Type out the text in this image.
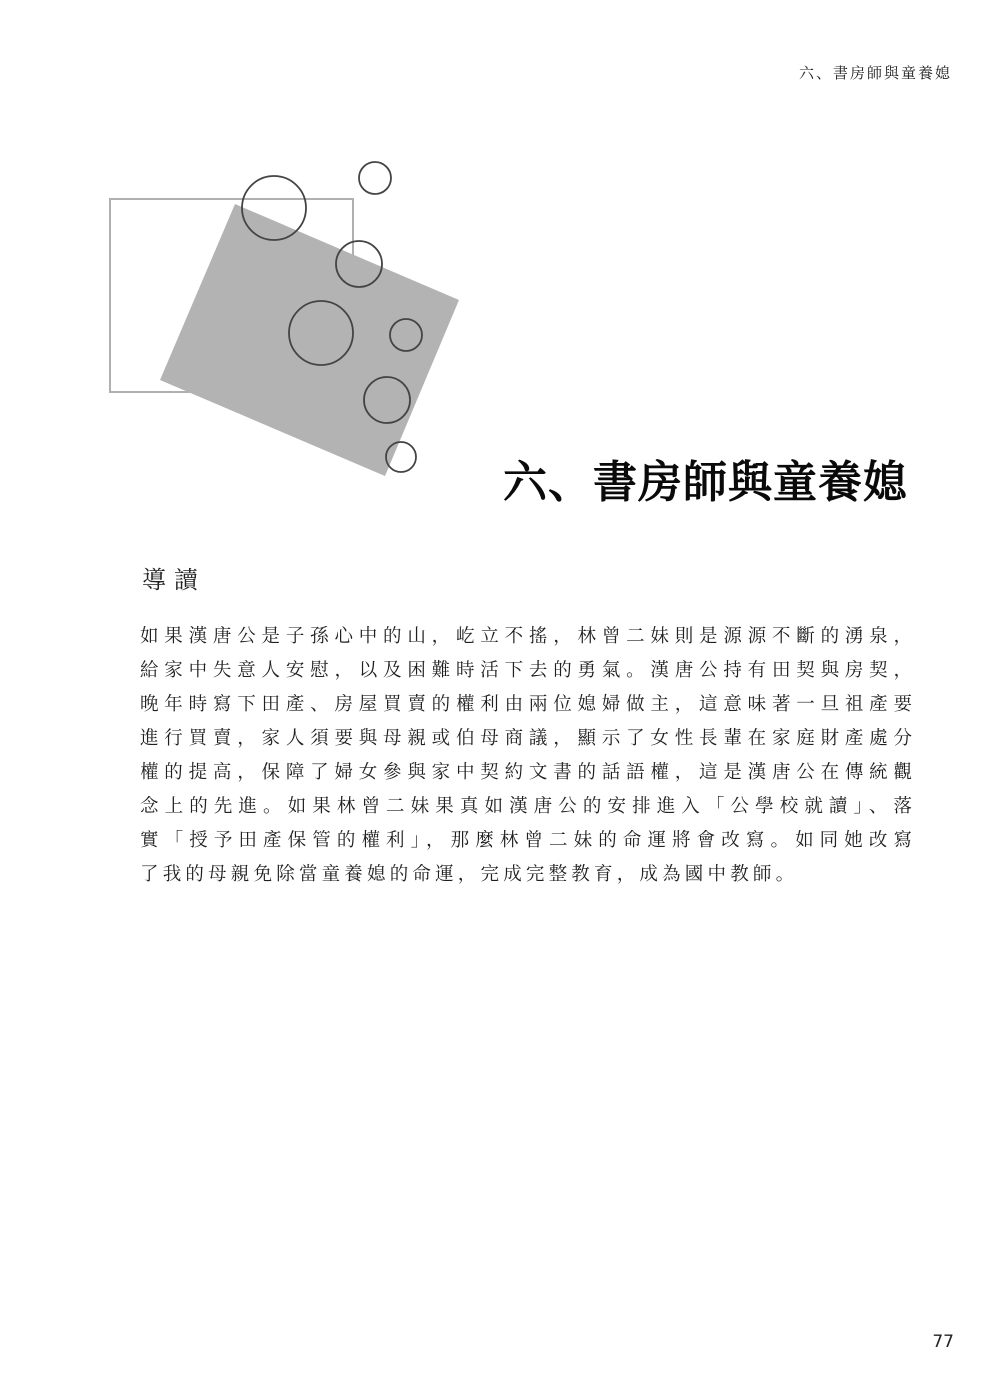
六、書房師與童養媳
六、書房師與童養媳
導讀
如果漢唐公是子孫心中的山，屹立不搖，林曾二妹則是源源不斷的湧泉，
給家中失意人安慰，以及困難時活下去的勇氣。漢唐公持有田契與房契，
晚年時寫下田產、房屋買賣的權利由兩位媳婦做主，這意味著一旦祖產要
進行買賣，家人須要與母親或伯母商議，顯示了女性長輩在家庭財產處分
權的提高，保障了婦女參與家中契約文書的話語權，這是漢唐公在傳統觀
念上的先進。如果林曾二妹果真如漢唐公的安排進入「公學校就讀」、落
實「授予田產保管的權利」，那麼林曾二妹的命運將會改寫。如同她改寫
了我的母親免除當童養媳的命運，完成完整教育，成為國中教師。
77
